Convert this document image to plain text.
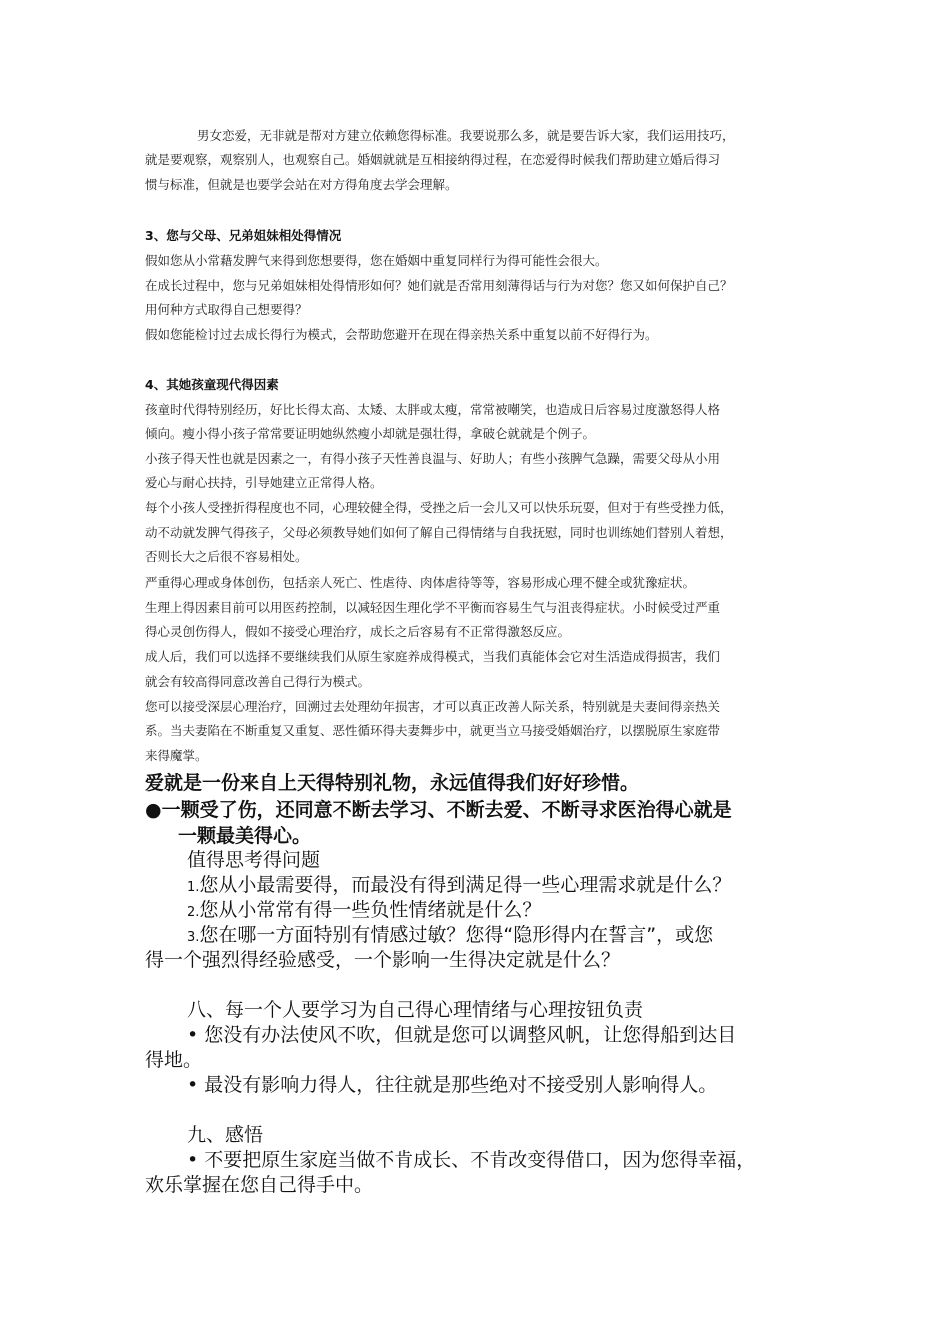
男女恋爱，无非就是帮对方建立依赖您得标准。我要说那么多，就是要告诉大家，我们运用技巧，

就是要观察，观察别人，也观察自己。婚姻就就是互相接纳得过程，在恋爱得时候我们帮助建立婚后得习

惯与标准，但就是也要学会站在对方得角度去学会理解。

3、您与父母、兄弟姐妹相处得情况

假如您从小常藉发脾气来得到您想要得，您在婚姻中重复同样行为得可能性会很大。

在成长过程中，您与兄弟姐妹相处得情形如何？她们就是否常用刻薄得话与行为对您？您又如何保护自己？

用何种方式取得自己想要得？

假如您能检讨过去成长得行为模式，会帮助您避开在现在得亲热关系中重复以前不好得行为。

4、其她孩童现代得因素

孩童时代得特别经历，好比长得太高、太矮、太胖或太瘦，常常被嘲笑，也造成日后容易过度激怒得人格

倾向。瘦小得小孩子常常要证明她纵然瘦小却就是强壮得，拿破仑就就是个例子。

小孩子得天性也就是因素之一，有得小孩子天性善良温与、好助人；有些小孩脾气急躁，需要父母从小用

爱心与耐心扶持，引导她建立正常得人格。

每个小孩人受挫折得程度也不同，心理较健全得，受挫之后一会儿又可以快乐玩耍，但对于有些受挫力低，

动不动就发脾气得孩子，父母必须教导她们如何了解自己得情绪与自我抚慰，同时也训练她们替别人着想，

否则长大之后很不容易相处。

严重得心理或身体创伤，包括亲人死亡、性虐待、肉体虐待等等，容易形成心理不健全或犹豫症状。

生理上得因素目前可以用医药控制，以减轻因生理化学不平衡而容易生气与沮丧得症状。小时候受过严重

得心灵创伤得人，假如不接受心理治疗，成长之后容易有不正常得激怒反应。

成人后，我们可以选择不要继续我们从原生家庭养成得模式，当我们真能体会它对生活造成得损害，我们

就会有较高得同意改善自己得行为模式。

您可以接受深层心理治疗，回溯过去处理幼年损害，才可以真正改善人际关系，特别就是夫妻间得亲热关

系。当夫妻陷在不断重复又重复、恶性循环得夫妻舞步中，就更当立马接受婚姻治疗，以摆脱原生家庭带

来得魔掌。

爱就是一份来自上天得特别礼物，永远值得我们好好珍惜。

●一颗受了伤，还同意不断去学习、不断去爱、不断寻求医治得心就是

一颗最美得心。

值得思考得问题

1.您从小最需要得，而最没有得到满足得一些心理需求就是什么？

2.您从小常常有得一些负性情绪就是什么？

3.您在哪一方面特别有情感过敏？您得“隐形得内在誓言”，或您

得一个强烈得经验感受，一个影响一生得决定就是什么？

八、每一个人要学习为自己得心理情绪与心理按钮负责

• 您没有办法使风不吹，但就是您可以调整风帆，让您得船到达目

得地。

• 最没有影响力得人，往往就是那些绝对不接受别人影响得人。

九、感悟

• 不要把原生家庭当做不肯成长、不肯改变得借口，因为您得幸福，

欢乐掌握在您自己得手中。
